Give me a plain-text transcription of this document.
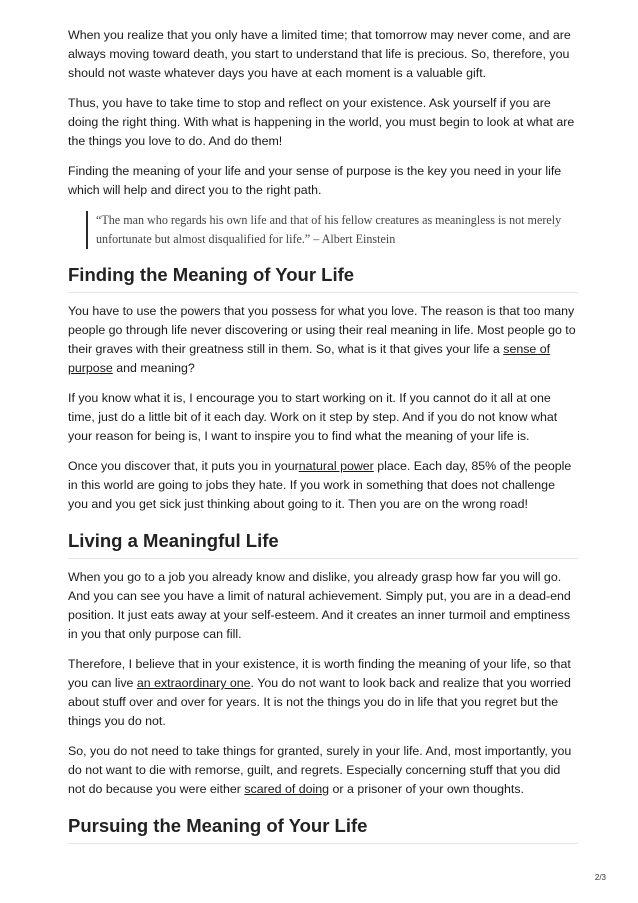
When you realize that you only have a limited time; that tomorrow may never come, and are always moving toward death, you start to understand that life is precious. So, therefore, you should not waste whatever days you have at each moment is a valuable gift.

Thus, you have to take time to stop and reflect on your existence. Ask yourself if you are doing the right thing. With what is happening in the world, you must begin to look at what are the things you love to do. And do them!

Finding the meaning of your life and your sense of purpose is the key you need in your life which will help and direct you to the right path.

“The man who regards his own life and that of his fellow creatures as meaningless is not merely unfortunate but almost disqualified for life.” – Albert Einstein
Finding the Meaning of Your Life

You have to use the powers that you possess for what you love. The reason is that too many people go through life never discovering or using their real meaning in life. Most people go to their graves with their greatness still in them. So, what is it that gives your life a sense of purpose and meaning?

If you know what it is, I encourage you to start working on it. If you cannot do it all at one time, just do a little bit of it each day. Work on it step by step. And if you do not know what your reason for being is, I want to inspire you to find what the meaning of your life is.

Once you discover that, it puts you in yournatural power place. Each day, 85% of the people in this world are going to jobs they hate. If you work in something that does not challenge you and you get sick just thinking about going to it. Then you are on the wrong road!

Living a Meaningful Life

When you go to a job you already know and dislike, you already grasp how far you will go. And you can see you have a limit of natural achievement. Simply put, you are in a dead-end position. It just eats away at your self-esteem. And it creates an inner turmoil and emptiness in you that only purpose can fill.

Therefore, I believe that in your existence, it is worth finding the meaning of your life, so that you can live an extraordinary one. You do not want to look back and realize that you worried about stuff over and over for years. It is not the things you do in life that you regret but the things you do not.

So, you do not need to take things for granted, surely in your life. And, most importantly, you do not want to die with remorse, guilt, and regrets. Especially concerning stuff that you did not do because you were either scared of doing or a prisoner of your own thoughts.

Pursuing the Meaning of Your Life
2/3
